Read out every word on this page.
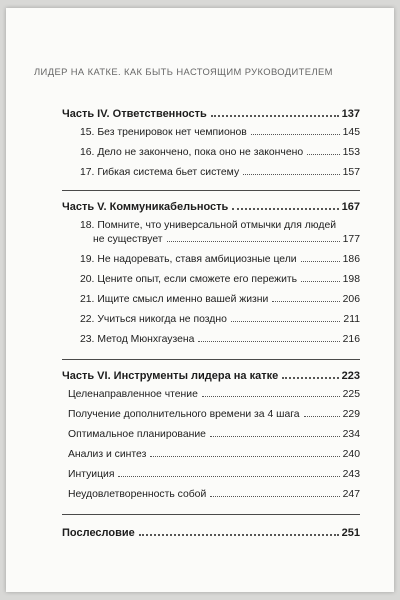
ЛИДЕР НА КАТКЕ. КАК БЫТЬ НАСТОЯЩИМ РУКОВОДИТЕЛЕМ
Часть IV. Ответственность	137
15. Без тренировок нет чемпионов	145
16. Дело не закончено, пока оно не закончено	153
17. Гибкая система бьет систему	157
Часть V. Коммуникабельность	167
18. Помните, что универсальной отмычки для людей
не существует	177
19. Не надоревать, ставя амбициозные цели	186
20. Цените опыт, если сможете его пережить	198
21. Ищите смысл именно вашей жизни	206
22. Учиться никогда не поздно	211
23. Метод Мюнхгаузена	216
Часть VI. Инструменты лидера на катке	223
Целенаправленное чтение	225
Получение дополнительного времени за 4 шага	229
Оптимальное планирование	234
Анализ и синтез	240
Интуиция	243
Неудовлетворенность собой	247
Послесловие	251
